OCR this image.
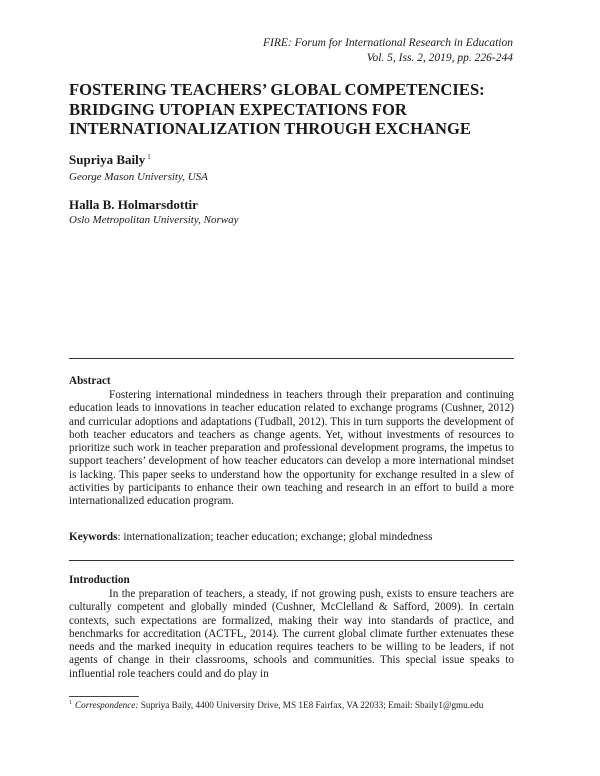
FIRE: Forum for International Research in Education
Vol. 5, Iss. 2, 2019, pp. 226-244
FOSTERING TEACHERS’ GLOBAL COMPETENCIES: BRIDGING UTOPIAN EXPECTATIONS FOR INTERNATIONALIZATION THROUGH EXCHANGE
Supriya Baily $^1$
George Mason University, USA
Halla B. Holmarsdottir
Oslo Metropolitan University, Norway
Abstract

Fostering international mindedness in teachers through their preparation and continuing education leads to innovations in teacher education related to exchange programs (Cushner, 2012) and curricular adoptions and adaptations (Tudball, 2012). This in turn supports the development of both teacher educators and teachers as change agents. Yet, without investments of resources to prioritize such work in teacher preparation and professional development programs, the impetus to support teachers’ development of how teacher educators can develop a more international mindset is lacking. This paper seeks to understand how the opportunity for exchange resulted in a slew of activities by participants to enhance their own teaching and research in an effort to build a more internationalized education program.

Keywords: internationalization; teacher education; exchange; global mindedness
Introduction

In the preparation of teachers, a steady, if not growing push, exists to ensure teachers are culturally competent and globally minded (Cushner, McClelland & Safford, 2009). In certain contexts, such expectations are formalized, making their way into standards of practice, and benchmarks for accreditation (ACTFL, 2014). The current global climate further extenuates these needs and the marked inequity in education requires teachers to be willing to be leaders, if not agents of change in their classrooms, schools and communities. This special issue speaks to influential role teachers could and do play in

$^1$ Correspondence: Supriya Baily, 4400 University Drive, MS 1E8 Fairfax, VA 22033; Email: Sbaily1@gmu.edu
